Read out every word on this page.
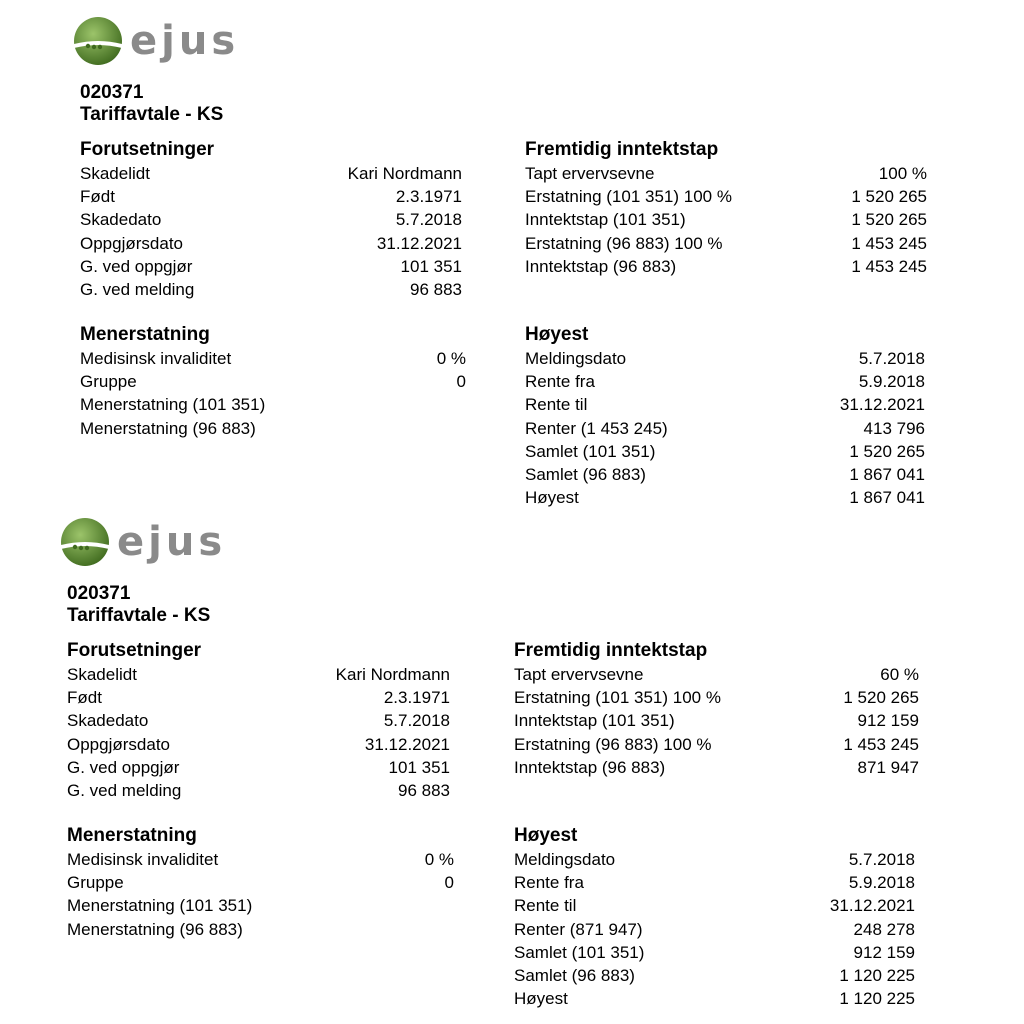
ejus
020371
Tariffavtale - KS
Forutsetninger
Skadelidt	Kari Nordmann
Født	2.3.1971
Skadedato	5.7.2018
Oppgjørsdato	31.12.2021
G. ved oppgjør	101 351
G. ved melding	96 883
Fremtidig inntektstap
Tapt ervervsevne	100 %
Erstatning (101 351) 100 %	1 520 265
Inntektstap (101 351)	1 520 265
Erstatning (96 883) 100 %	1 453 245
Inntektstap (96 883)	1 453 245
Menerstatning
Medisinsk invaliditet	0 %
Gruppe	0
Menerstatning (101 351)
Menerstatning (96 883)
Høyest
Meldingsdato	5.7.2018
Rente fra	5.9.2018
Rente til	31.12.2021
Renter (1 453 245)	413 796
Samlet (101 351)	1 520 265
Samlet (96 883)	1 867 041
Høyest	1 867 041
ejus
020371
Tariffavtale - KS
Forutsetninger
Skadelidt	Kari Nordmann
Født	2.3.1971
Skadedato	5.7.2018
Oppgjørsdato	31.12.2021
G. ved oppgjør	101 351
G. ved melding	96 883
Fremtidig inntektstap
Tapt ervervsevne	60 %
Erstatning (101 351) 100 %	1 520 265
Inntektstap (101 351)	912 159
Erstatning (96 883) 100 %	1 453 245
Inntektstap (96 883)	871 947
Menerstatning
Medisinsk invaliditet	0 %
Gruppe	0
Menerstatning (101 351)
Menerstatning (96 883)
Høyest
Meldingsdato	5.7.2018
Rente fra	5.9.2018
Rente til	31.12.2021
Renter (871 947)	248 278
Samlet (101 351)	912 159
Samlet (96 883)	1 120 225
Høyest	1 120 225
